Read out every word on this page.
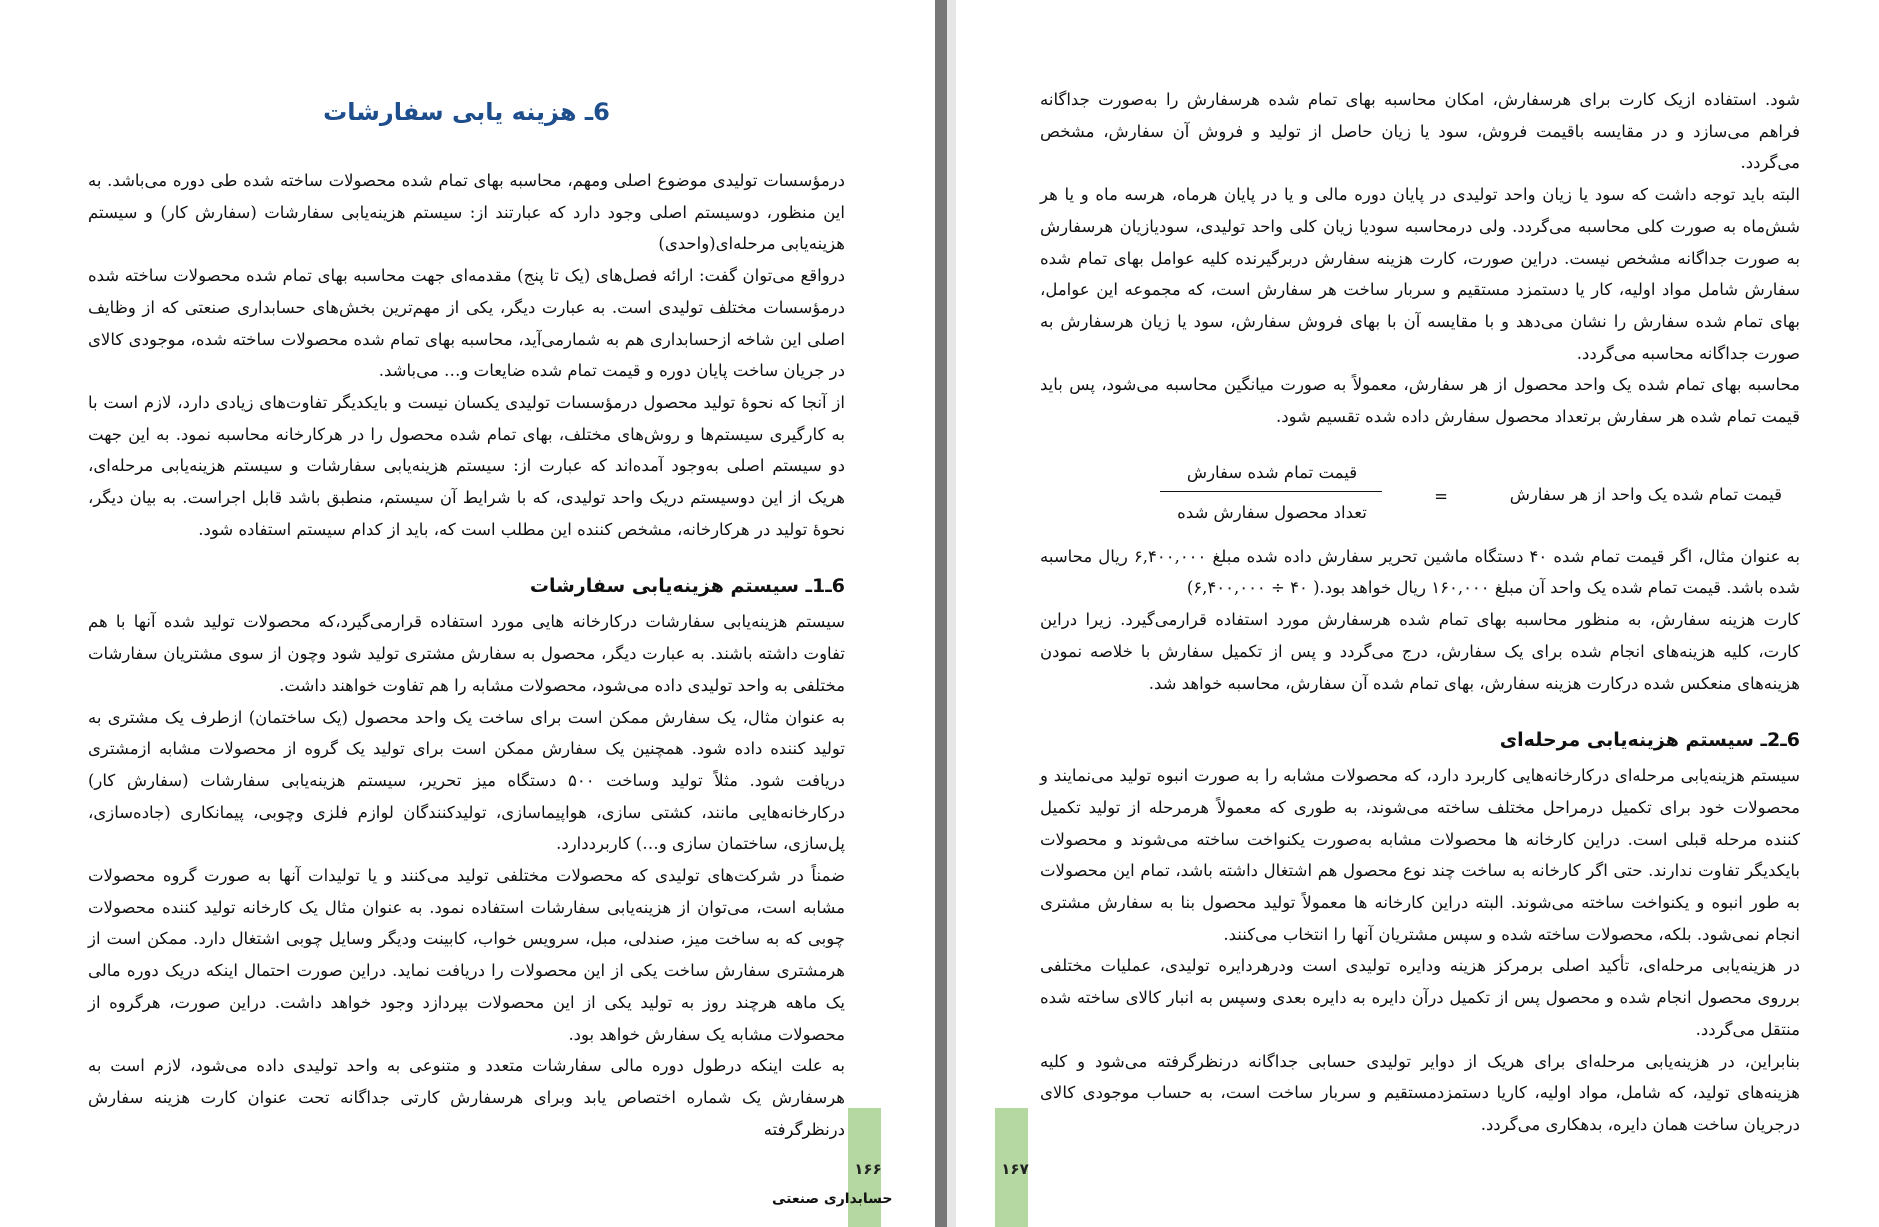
6ـ هزینه یابی سفارشات

درمؤسسات تولیدی موضوع اصلی ومهم، محاسبه بهای تمام شده محصولات ساخته شده طی دوره می‌باشد. به این منظور، دوسیستم اصلی وجود دارد که عبارتند از: سیستم هزینه‌یابی سفارشات (سفارش کار) و سیستم هزینه‌یابی مرحله‌ای(واحدی)

درواقع می‌توان گفت: ارائه فصل‌های (یک تا پنج) مقدمه‌ای جهت محاسبه بهای تمام شده محصولات ساخته شده درمؤسسات مختلف تولیدی است. به عبارت دیگر، یکی از مهم‌ترین بخش‌های حسابداری صنعتی که از وظایف اصلی این شاخه ازحسابداری هم به شمارمی‌آید، محاسبه بهای تمام شده محصولات ساخته شده، موجودی کالای در جریان ساخت پایان دوره و قیمت تمام شده ضایعات و… می‌باشد.

از آنجا که نحوهٔ تولید محصول درمؤسسات تولیدی یکسان نیست و بایکدیگر تفاوت‌های زیادی دارد، لازم است با به کارگیری سیستم‌ها و روش‌های مختلف، بهای تمام شده محصول را در هرکارخانه محاسبه نمود. به این جهت دو سیستم اصلی به‌وجود آمده‌اند که عبارت از: سیستم هزینه‌یابی سفارشات و سیستم هزینه‌یابی مرحله‌ای، هریک از این دوسیستم دریک واحد تولیدی، که با شرایط آن سیستم، منطبق باشد قابل اجراست. به بیان دیگر، نحوهٔ تولید در هرکارخانه، مشخص کننده این مطلب است که، باید از کدام سیستم استفاده شود.

6ـ1ـ سیستم هزینه‌یابی سفارشات

سیستم هزینه‌یابی سفارشات درکارخانه هایی مورد استفاده قرارمی‌گیرد،که محصولات تولید شده آنها با هم تفاوت داشته باشند. به عبارت دیگر، محصول به سفارش مشتری تولید شود وچون از سوی مشتریان سفارشات مختلفی به واحد تولیدی داده می‌شود، محصولات مشابه را هم تفاوت خواهند داشت.

به عنوان مثال، یک سفارش ممکن است برای ساخت یک واحد محصول (یک ساختمان) ازطرف یک مشتری به تولید کننده داده شود. همچنین یک سفارش ممکن است برای تولید یک گروه از محصولات مشابه ازمشتری دریافت شود. مثلاً تولید وساخت ۵۰۰ دستگاه میز تحریر، سیستم هزینه‌یابی سفارشات (سفارش کار) درکارخانه‌هایی مانند، کشتی سازی، هواپیماسازی، تولیدکنندگان لوازم فلزی وچوبی، پیمانکاری (جاده‌سازی، پل‌سازی، ساختمان سازی و…) کاربرددارد.

ضمناً در شرکت‌های تولیدی که محصولات مختلفی تولید می‌کنند و یا تولیدات آنها به صورت گروه محصولات مشابه است، می‌توان از هزینه‌یابی سفارشات استفاده نمود. به عنوان مثال یک کارخانه تولید کننده محصولات چوبی که به ساخت میز، صندلی، مبل، سرویس خواب، کابینت ودیگر وسایل چوبی اشتغال دارد. ممکن است از هرمشتری سفارش ساخت یکی از این محصولات را دریافت نماید. دراین صورت احتمال اینکه دریک دوره مالی یک ماهه هرچند روز به تولید یکی از این محصولات بپردازد وجود خواهد داشت. دراین صورت، هرگروه از محصولات مشابه یک سفارش خواهد بود.

به علت اینکه درطول دوره مالی سفارشات متعدد و متنوعی به واحد تولیدی داده می‌شود، لازم است به هرسفارش یک شماره اختصاص یابد وبرای هرسفارش کارتی جداگانه تحت عنوان کارت هزینه سفارش درنظرگرفته

شود. استفاده ازیک کارت برای هرسفارش، امکان محاسبه بهای تمام شده هرسفارش را به‌صورت جداگانه فراهم می‌سازد و در مقایسه باقیمت فروش، سود یا زیان حاصل از تولید و فروش آن سفارش، مشخص می‌گردد.

البته باید توجه داشت که سود یا زیان واحد تولیدی در پایان دوره مالی و یا در پایان هرماه، هرسه ماه و یا هر شش‌ماه به صورت کلی محاسبه می‌گردد. ولی درمحاسبه سودیا زیان کلی واحد تولیدی، سودیازیان هرسفارش به صورت جداگانه مشخص نیست. دراین صورت، کارت هزینه سفارش دربرگیرنده کلیه عوامل بهای تمام شده سفارش شامل مواد اولیه، کار یا دستمزد مستقیم و سربار ساخت هر سفارش است، که مجموعه این عوامل، بهای تمام شده سفارش را نشان می‌دهد و با مقایسه آن با بهای فروش سفارش، سود یا زیان هرسفارش به صورت جداگانه محاسبه می‌گردد.

محاسبه بهای تمام شده یک واحد محصول از هر سفارش، معمولاً به صورت میانگین محاسبه می‌شود، پس باید قیمت تمام شده هر سفارش برتعداد محصول سفارش داده شده تقسیم شود.

قیمت تمام شده یک واحد از هر سفارش
=
قیمت تمام شده سفارش
تعداد محصول سفارش شده

به عنوان مثال، اگر قیمت تمام شده ۴۰ دستگاه ماشین تحریر سفارش داده شده مبلغ ۶,۴۰۰,۰۰۰ ریال محاسبه شده باشد. قیمت تمام شده یک واحد آن مبلغ ۱۶۰,۰۰۰ ریال خواهد بود.( ۴۰ ÷ ۶,۴۰۰,۰۰۰)

کارت هزینه سفارش، به منظور محاسبه بهای تمام شده هرسفارش مورد استفاده قرارمی‌گیرد. زیرا دراین کارت، کلیه هزینه‌های انجام شده برای یک سفارش، درج می‌گردد و پس از تکمیل سفارش با خلاصه نمودن هزینه‌های منعکس شده درکارت هزینه سفارش، بهای تمام شده آن سفارش، محاسبه خواهد شد.

6ـ2ـ سیستم هزینه‌یابی مرحله‌ای

سیستم هزینه‌یابی مرحله‌ای درکارخانه‌هایی کاربرد دارد، که محصولات مشابه را به صورت انبوه تولید می‌نمایند و محصولات خود برای تکمیل درمراحل مختلف ساخته می‌شوند، به طوری که معمولاً هرمرحله از تولید تکمیل کننده مرحله قبلی است. دراین کارخانه ها محصولات مشابه به‌صورت یکنواخت ساخته می‌شوند و محصولات بایکدیگر تفاوت ندارند. حتی اگر کارخانه به ساخت چند نوع محصول هم اشتغال داشته باشد، تمام این محصولات به طور انبوه و یکنواخت ساخته می‌شوند. البته دراین کارخانه ها معمولاً تولید محصول بنا به سفارش مشتری انجام نمی‌شود. بلکه، محصولات ساخته شده و سپس مشتریان آنها را انتخاب می‌کنند.

در هزینه‌یابی مرحله‌ای، تأکید اصلی برمرکز هزینه ودایره تولیدی است ودرهردایره تولیدی، عملیات مختلفی برروی محصول انجام شده و محصول پس از تکمیل درآن دایره به دایره بعدی وسپس به انبار کالای ساخته شده منتقل می‌گردد.

بنابراین، در هزینه‌یابی مرحله‌ای برای هریک از دوایر تولیدی حسابی جداگانه درنظرگرفته می‌شود و کلیه هزینه‌های تولید، که شامل، مواد اولیه، کاریا دستمزدمستقیم و سربار ساخت است، به حساب موجودی کالای درجریان ساخت همان دایره، بدهکاری می‌گردد.

۱۶۶	۱۶۷
حسابداری صنعتی
